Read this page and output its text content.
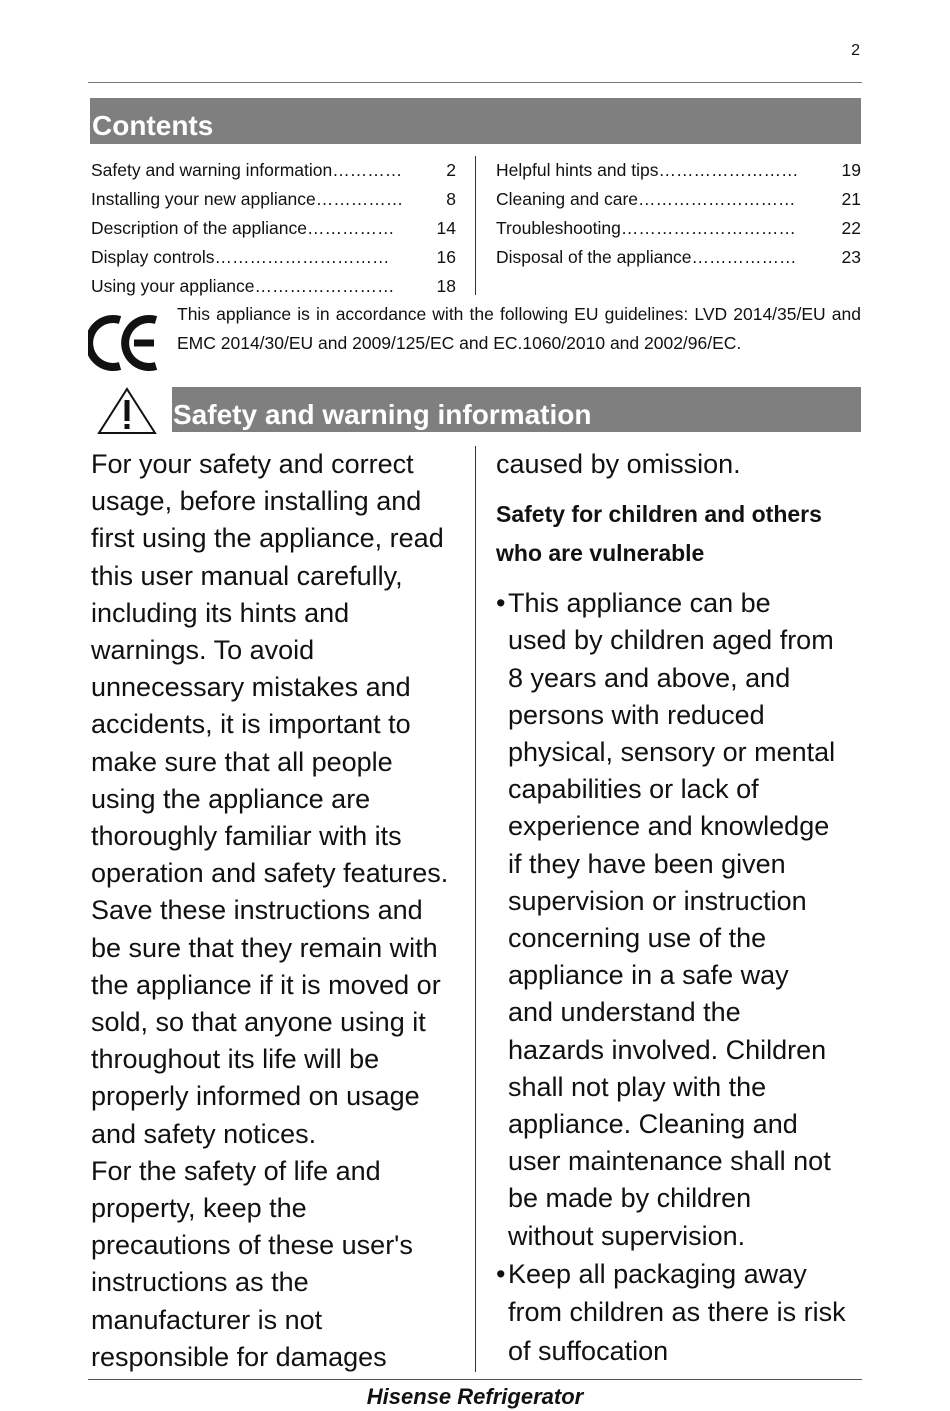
2
Contents
Safety and warning information………… 2
Installing your new appliance…………… 8
Description of the appliance…………… 14
Display controls………………………… 16
Using your appliance…………………… 18
Helpful hints and tips…………………… 19
Cleaning and care………………………	21
Troubleshooting………………………… 22
Disposal of the appliance………………	23
This appliance is in accordance with the following EU guidelines: LVD 2014/35/EU and EMC 2014/30/EU and 2009/125/EC and EC.1060/2010 and 2002/96/EC.
Safety and warning information

For your safety and correct

usage, before installing and

first using the appliance, read

this user manual carefully,

including its hints and

warnings. To avoid

unnecessary mistakes and

accidents, it is important to

make sure that all people

using the appliance are

thoroughly familiar with its

operation and safety features.

Save these instructions and

be sure that they remain with

the appliance if it is moved or

sold, so that anyone using it

throughout its life will be

properly informed on usage

and safety notices.

For the safety of life and

property, keep the

precautions of these user's

instructions as the

manufacturer is not

responsible for damages

caused by omission.
Safety for children and others
who are vulnerable
• This appliance can be
used by children aged from
8 years and above, and
persons with reduced
physical, sensory or mental
capabilities or lack of
experience and knowledge
if they have been given
supervision or instruction
concerning use of the
appliance in a safe way
and understand the
hazards involved. Children
shall not play with the
appliance. Cleaning and
user maintenance shall not
be made by children
without supervision.
• Keep all packaging away
from children as there is risk
of suffocation
Hisense Refrigerator
